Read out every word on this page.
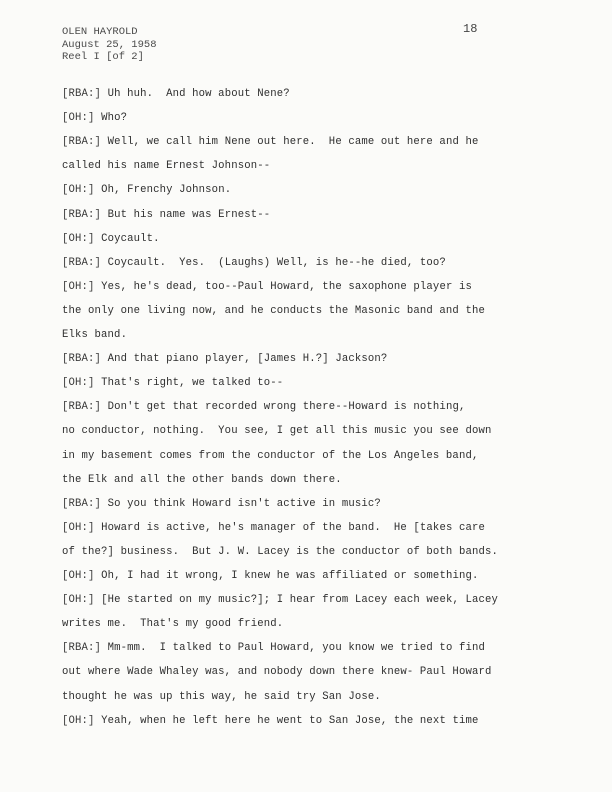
OLEN HAYROLD
August 25, 1958
Reel I [of 2]
18
[RBA:] Uh huh.  And how about Nene?
[OH:] Who?
[RBA:] Well, we call him Nene out here.  He came out here and he
called his name Ernest Johnson--
[OH:] Oh, Frenchy Johnson.
[RBA:] But his name was Ernest--
[OH:] Coycault.
[RBA:] Coycault.  Yes.  (Laughs) Well, is he--he died, too?
[OH:] Yes, he's dead, too--Paul Howard, the saxophone player is
the only one living now, and he conducts the Masonic band and the
Elks band.
[RBA:] And that piano player, [James H.?] Jackson?
[OH:] That's right, we talked to--
[RBA:] Don't get that recorded wrong there--Howard is nothing,
no conductor, nothing.  You see, I get all this music you see down
in my basement comes from the conductor of the Los Angeles band,
the Elk and all the other bands down there.
[RBA:] So you think Howard isn't active in music?
[OH:] Howard is active, he's manager of the band.  He [takes care
of the?] business.  But J. W. Lacey is the conductor of both bands.
[OH:] Oh, I had it wrong, I knew he was affiliated or something.
[OH:] [He started on my music?]; I hear from Lacey each week, Lacey
writes me.  That's my good friend.
[RBA:] Mm-mm.  I talked to Paul Howard, you know we tried to find
out where Wade Whaley was, and nobody down there knew- Paul Howard
thought he was up this way, he said try San Jose.
[OH:] Yeah, when he left here he went to San Jose, the next time
